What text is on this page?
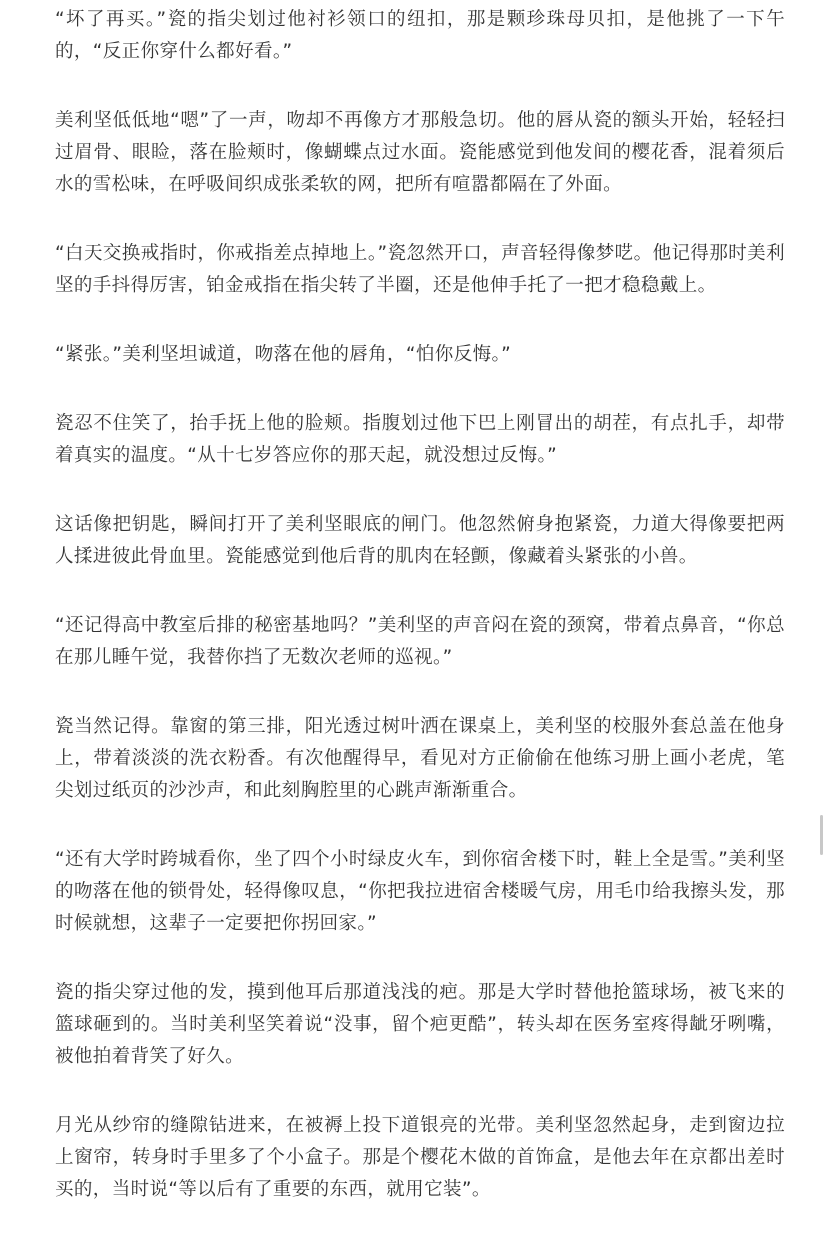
“坏了再买。”瓷的指尖划过他衬衫领口的纽扣，那是颗珍珠母贝扣，是他挑了一下午的，“反正你穿什么都好看。”

美利坚低低地“嗯”了一声，吻却不再像方才那般急切。他的唇从瓷的额头开始，轻轻扫过眉骨、眼睑，落在脸颊时，像蝴蝶点过水面。瓷能感觉到他发间的樱花香，混着须后水的雪松味，在呼吸间织成张柔软的网，把所有喧嚣都隔在了外面。

“白天交换戒指时，你戒指差点掉地上。”瓷忽然开口，声音轻得像梦呓。他记得那时美利坚的手抖得厉害，铂金戒指在指尖转了半圈，还是他伸手托了一把才稳稳戴上。

“紧张。”美利坚坦诚道，吻落在他的唇角，“怕你反悔。”

瓷忍不住笑了，抬手抚上他的脸颊。指腹划过他下巴上刚冒出的胡茬，有点扎手，却带着真实的温度。“从十七岁答应你的那天起，就没想过反悔。”

这话像把钥匙，瞬间打开了美利坚眼底的闸门。他忽然俯身抱紧瓷，力道大得像要把两人揉进彼此骨血里。瓷能感觉到他后背的肌肉在轻颤，像藏着头紧张的小兽。

“还记得高中教室后排的秘密基地吗？”美利坚的声音闷在瓷的颈窝，带着点鼻音，“你总在那儿睡午觉，我替你挡了无数次老师的巡视。”

瓷当然记得。靠窗的第三排，阳光透过树叶洒在课桌上，美利坚的校服外套总盖在他身上，带着淡淡的洗衣粉香。有次他醒得早，看见对方正偷偷在他练习册上画小老虎，笔尖划过纸页的沙沙声，和此刻胸腔里的心跳声渐渐重合。

“还有大学时跨城看你，坐了四个小时绿皮火车，到你宿舍楼下时，鞋上全是雪。”美利坚的吻落在他的锁骨处，轻得像叹息，“你把我拉进宿舍楼暖气房，用毛巾给我擦头发，那时候就想，这辈子一定要把你拐回家。”

瓷的指尖穿过他的发，摸到他耳后那道浅浅的疤。那是大学时替他抢篮球场，被飞来的篮球砸到的。当时美利坚笑着说“没事，留个疤更酷”，转头却在医务室疼得龇牙咧嘴，被他拍着背笑了好久。

月光从纱帘的缝隙钻进来，在被褥上投下道银亮的光带。美利坚忽然起身，走到窗边拉上窗帘，转身时手里多了个小盒子。那是个樱花木做的首饰盒，是他去年在京都出差时买的，当时说“等以后有了重要的东西，就用它装”。
